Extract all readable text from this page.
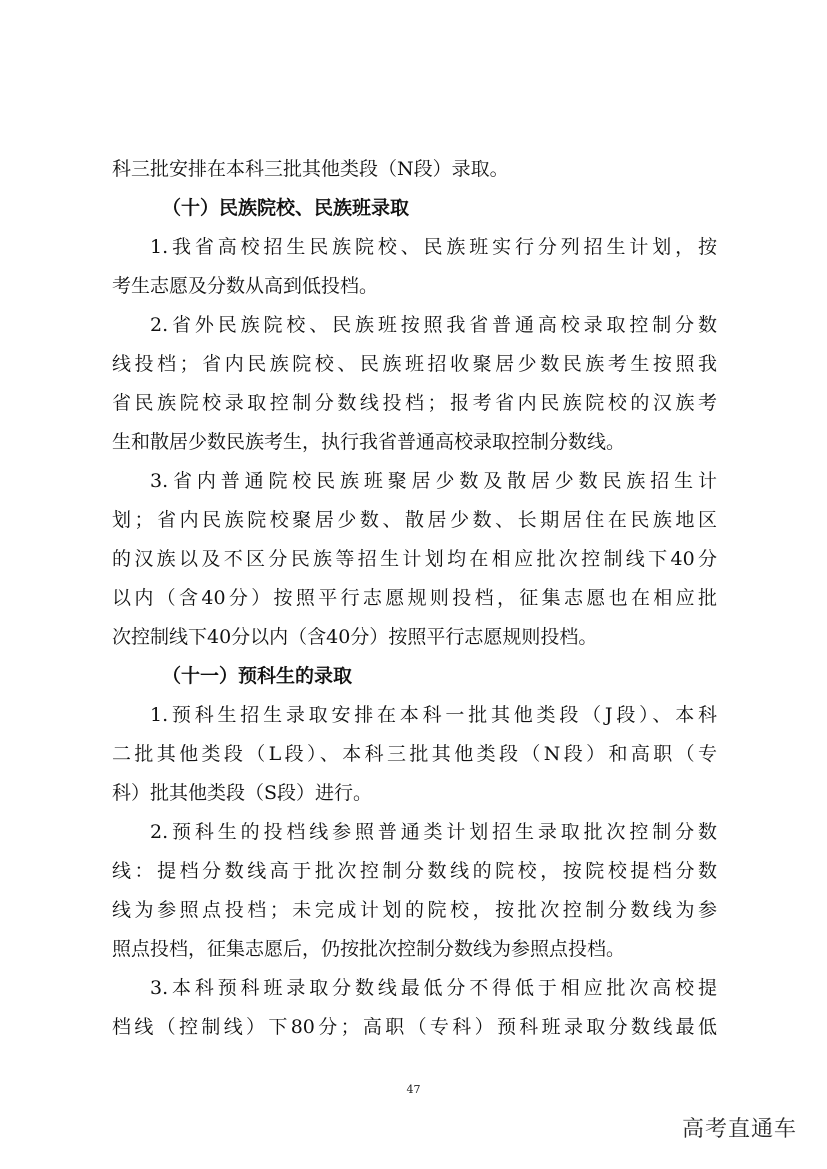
科三批安排在本科三批其他类段（N段）录取。
（十）民族院校、民族班录取
1.我省高校招生民族院校、民族班实行分列招生计划，按
考生志愿及分数从高到低投档。
2.省外民族院校、民族班按照我省普通高校录取控制分数
线投档；省内民族院校、民族班招收聚居少数民族考生按照我
省民族院校录取控制分数线投档；报考省内民族院校的汉族考
生和散居少数民族考生，执行我省普通高校录取控制分数线。
3.省内普通院校民族班聚居少数及散居少数民族招生计
划；省内民族院校聚居少数、散居少数、长期居住在民族地区
的汉族以及不区分民族等招生计划均在相应批次控制线下40分
以内（含40分）按照平行志愿规则投档，征集志愿也在相应批
次控制线下40分以内（含40分）按照平行志愿规则投档。
（十一）预科生的录取
1.预科生招生录取安排在本科一批其他类段（J段）、本科
二批其他类段（L段）、本科三批其他类段（N段）和高职（专
科）批其他类段（S段）进行。
2.预科生的投档线参照普通类计划招生录取批次控制分数
线：提档分数线高于批次控制分数线的院校，按院校提档分数
线为参照点投档；未完成计划的院校，按批次控制分数线为参
照点投档，征集志愿后，仍按批次控制分数线为参照点投档。
3.本科预科班录取分数线最低分不得低于相应批次高校提
档线（控制线）下80分；高职（专科）预科班录取分数线最低
47
高考直通车
